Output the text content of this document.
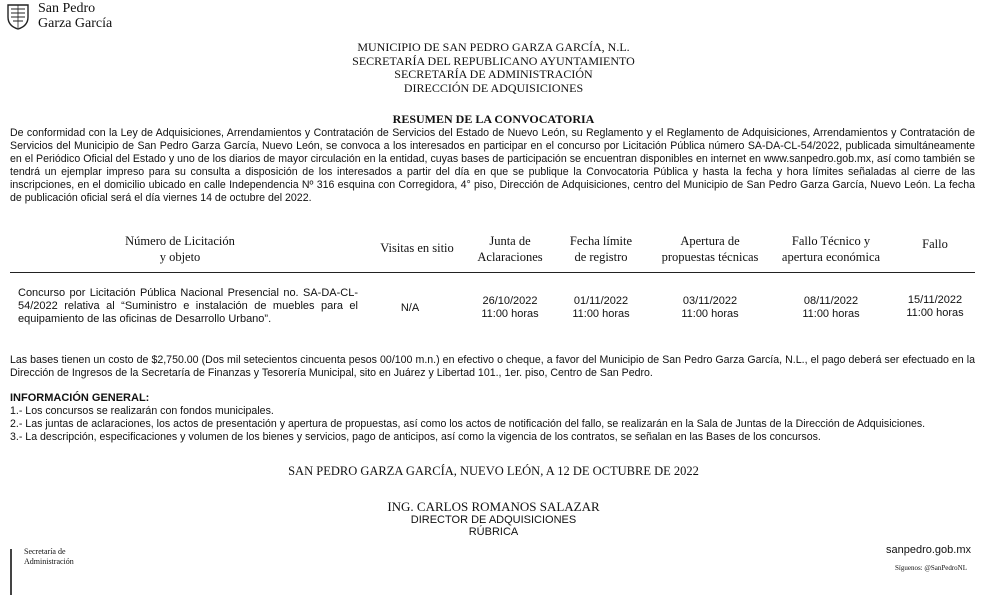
San Pedro
Garza García
MUNICIPIO DE SAN PEDRO GARZA GARCÍA, N.L.
SECRETARÍA DEL REPUBLICANO AYUNTAMIENTO
SECRETARÍA DE ADMINISTRACIÓN
DIRECCIÓN DE ADQUISICIONES
RESUMEN DE LA CONVOCATORIA

De conformidad con la Ley de Adquisiciones, Arrendamientos y Contratación de Servicios del Estado de Nuevo León, su Reglamento y el Reglamento de Adquisiciones, Arrendamientos y Contratación de Servicios del Municipio de San Pedro Garza García, Nuevo León, se convoca a los interesados en participar en el concurso por Licitación Pública número SA-DA-CL-54/2022, publicada simultáneamente en el Periódico Oficial del Estado y uno de los diarios de mayor circulación en la entidad, cuyas bases de participación se encuentran disponibles en internet en www.sanpedro.gob.mx, así como también se tendrá un ejemplar impreso para su consulta a disposición de los interesados a partir del día en que se publique la Convocatoria Pública y hasta la fecha y hora límites señaladas al cierre de las inscripciones, en el domicilio ubicado en calle Independencia Nº 316 esquina con Corregidora, 4° piso, Dirección de Adquisiciones, centro del Municipio de San Pedro Garza García, Nuevo León. La fecha de publicación oficial será el día viernes 14 de octubre del 2022.

Número de Licitación
y objeto
Visitas en sitio	Junta de
Aclaraciones
Fecha límite
de registro
Apertura de
propuestas técnicas
Fallo Técnico y
apertura económica
Fallo
Concurso por Licitación Pública Nacional Presencial no. SA-DA-CL-54/2022 relativa al “Suministro e instalación de muebles para el equipamiento de las oficinas de Desarrollo Urbano”.
N/A
26/10/2022
11:00 horas
01/11/2022
11:00 horas
03/11/2022
11:00 horas
08/11/2022
11:00 horas
15/11/2022
11:00 horas

Las bases tienen un costo de $2,750.00 (Dos mil setecientos cincuenta pesos 00/100 m.n.) en efectivo o cheque, a favor del Municipio de San Pedro Garza García, N.L., el pago deberá ser efectuado en la Dirección de Ingresos de la Secretaría de Finanzas y Tesorería Municipal, sito en Juárez y Libertad 101., 1er. piso, Centro de San Pedro.

INFORMACIÓN GENERAL:
1.- Los concursos se realizarán con fondos municipales.
2.- Las juntas de aclaraciones, los actos de presentación y apertura de propuestas, así como los actos de notificación del fallo, se realizarán en la Sala de Juntas de la Dirección de Adquisiciones.
3.- La descripción, especificaciones y volumen de los bienes y servicios, pago de anticipos, así como la vigencia de los contratos, se señalan en las Bases de los concursos.
SAN PEDRO GARZA GARCÍA, NUEVO LEÓN, A 12 DE OCTUBRE DE 2022
ING. CARLOS ROMANOS SALAZAR
DIRECTOR DE ADQUISICIONES
RÚBRICA
Secretaría de
Administración
sanpedro.gob.mx
Síguenos: @SanPedroNL
